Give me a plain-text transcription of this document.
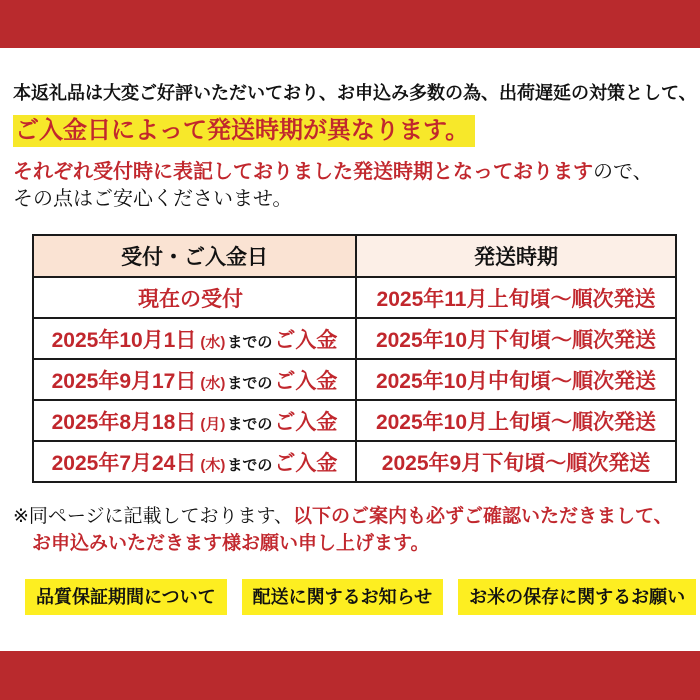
本返礼品は大変ご好評いただいており、お申込み多数の為、出荷遅延の対策として、

ご入金日によって発送時期が異なります。

それぞれ受付時に表記しておりました発送時期となっておりますので、
その点はご安心くださいませ。

受付・ご入金日	発送時期
現在の受付	2025年11月上旬頃〜順次発送
2025年10月1日 (水) までのご入金	2025年10月下旬頃〜順次発送
2025年9月17日 (水) までのご入金	2025年10月中旬頃〜順次発送
2025年8月18日 (月) までのご入金	2025年10月上旬頃〜順次発送
2025年7月24日 (木) までのご入金	2025年9月下旬頃〜順次発送

※同ページに記載しております、以下のご案内も必ずご確認いただきまして、
お申込みいただきます様お願い申し上げます。

品質保証期間について	配送に関するお知らせ	お米の保存に関するお願い
